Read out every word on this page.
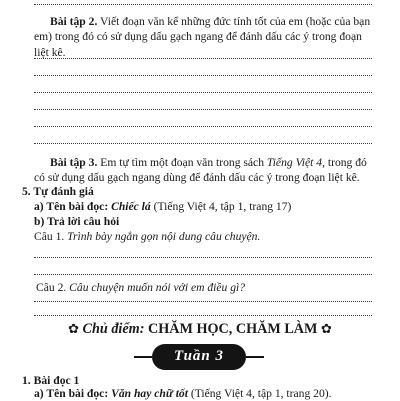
Bài tập 2. Viết đoạn văn kể những đức tính tốt của em (hoặc của bạn em) trong đó có sử dụng dấu gạch ngang để đánh dấu các ý trong đoạn liệt kê.

Bài tập 3. Em tự tìm một đoạn văn trong sách Tiếng Việt 4, trong đó có sử dụng dấu gạch ngang dùng để đánh dấu các ý trong đoạn liệt kê.

5. Tự đánh giá

a) Tên bài đọc: Chiếc lá (Tiếng Việt 4, tập 1, trang 17)

b) Trả lời câu hỏi

Câu 1. Trình bày ngắn gọn nội dung câu chuyện.

Câu 2. Câu chuyện muốn nói với em điều gì?

✿ Chủ điểm: CHĂM HỌC, CHĂM LÀM ✿
Tuần 3

1. Bài đọc 1

a) Tên bài đọc: Văn hay chữ tốt (Tiếng Việt 4, tập 1, trang 20).
